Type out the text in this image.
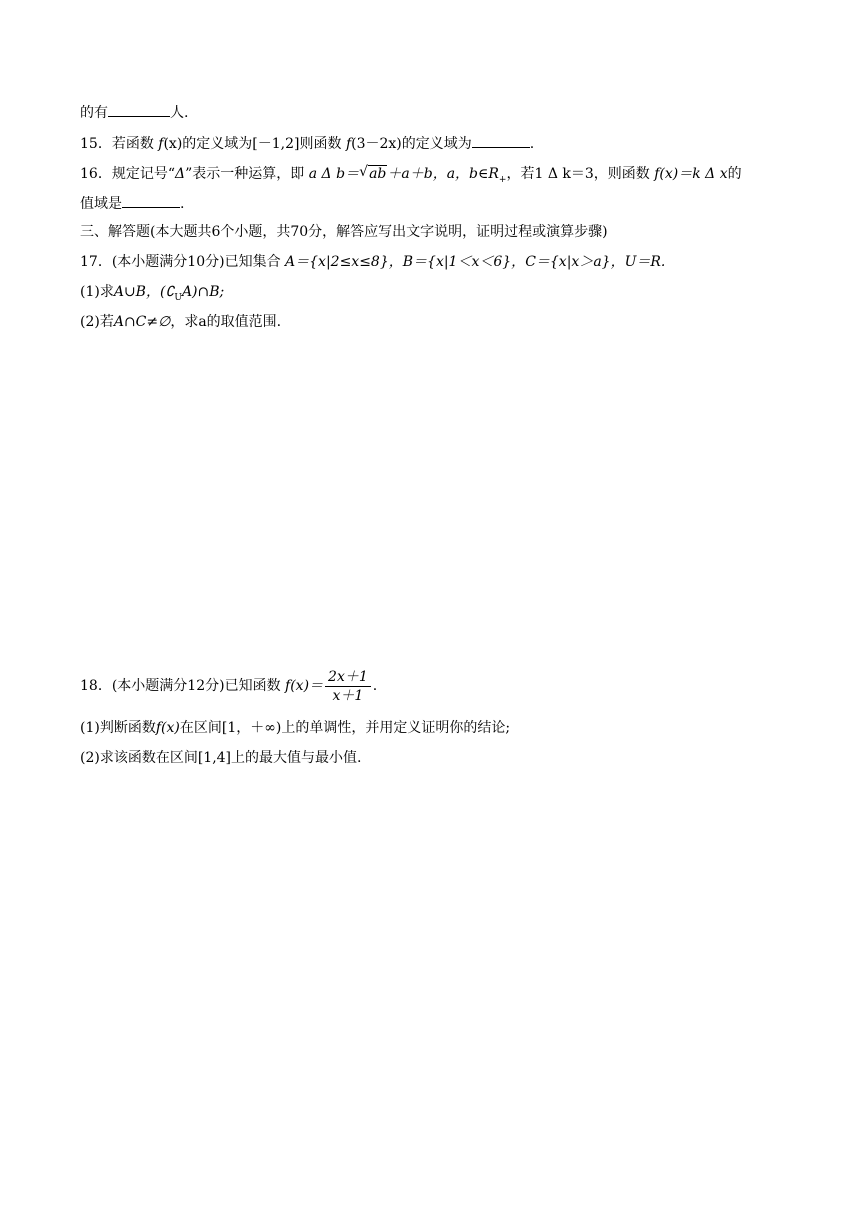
的有	人.
15．若函数 f(x)的定义域为[－1,2]则函数 f(3－2x)的定义域为	.
16．规定记号“Δ”表示一种运算，即 a Δ b＝ √ ab＋a＋b，a，$b\in R_+$，若1 Δ k＝3，则函数 f(x)＝k Δ x的
值域是	.
三、解答题(本大题共6个小题，共70分，解答应写出文字说明，证明过程或演算步骤)
17．(本小题满分10分)已知集合 A＝{x|2≤x≤8}，B＝{x|1＜x＜6}，C＝{x|x＞a}，U＝R.
(1)求A∪B，$(∁_UA)\cap B$;
(2)若A∩C≠∅，求a的取值范围.
18．(本小题满分12分)已知函数 $f(x)= \frac{2x+1}{x+1}$ .
(1)判断函数f(x)在区间[1，＋∞)上的单调性，并用定义证明你的结论;
(2)求该函数在区间[1,4]上的最大值与最小值.
